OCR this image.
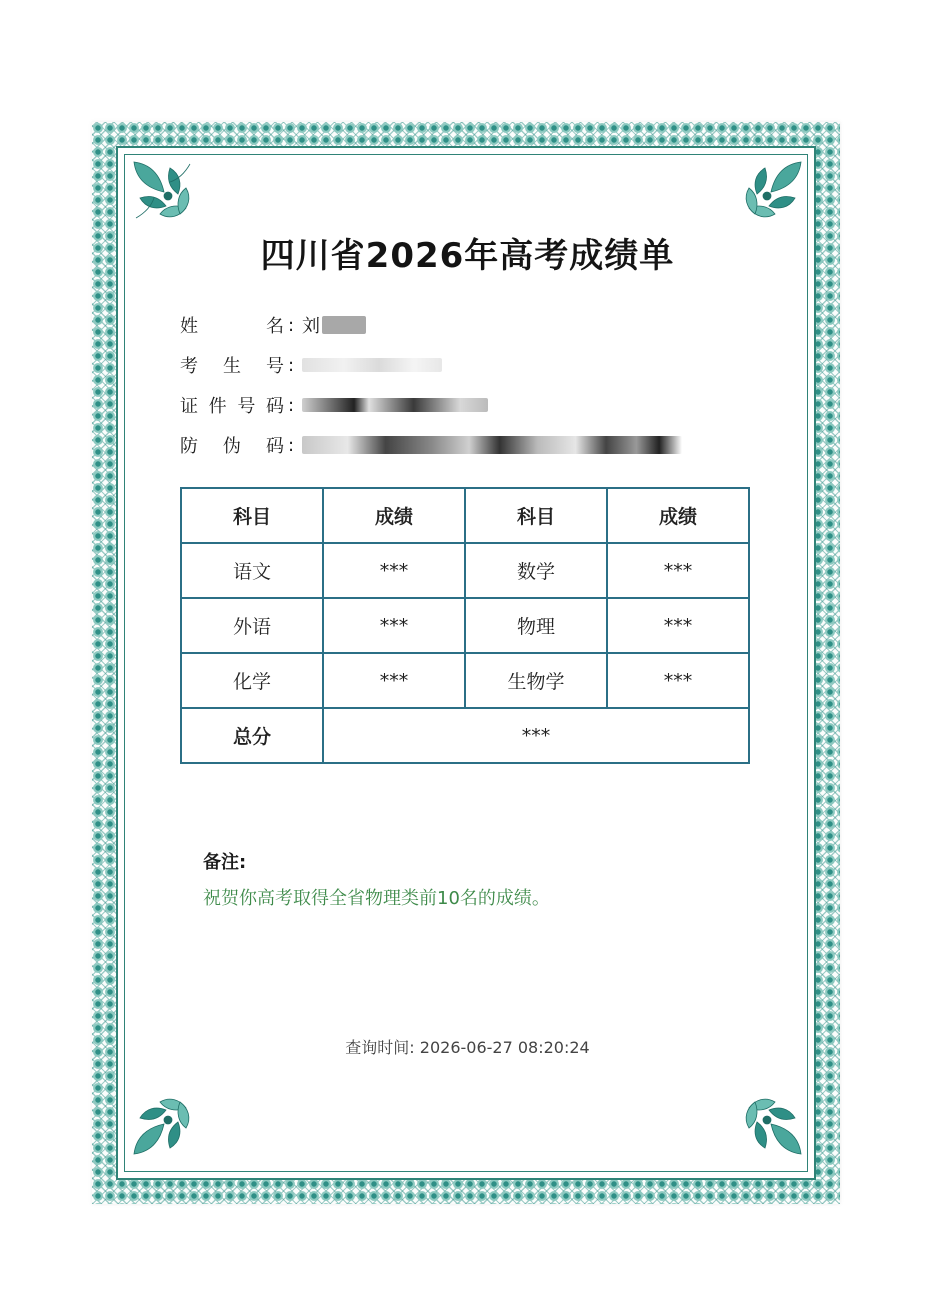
四川省2026年高考成绩单
姓	名 : 刘
考 生 号 :
证 件 号 码 :
防 伪 码 :
科目	成绩	科目	成绩
语文	***	数学	***
外语	***	物理	***
化学	***	生物学	***
总分	***		
备注:
祝贺你高考取得全省物理类前10名的成绩。
查询时间: 2026-06-27 08:20:24
